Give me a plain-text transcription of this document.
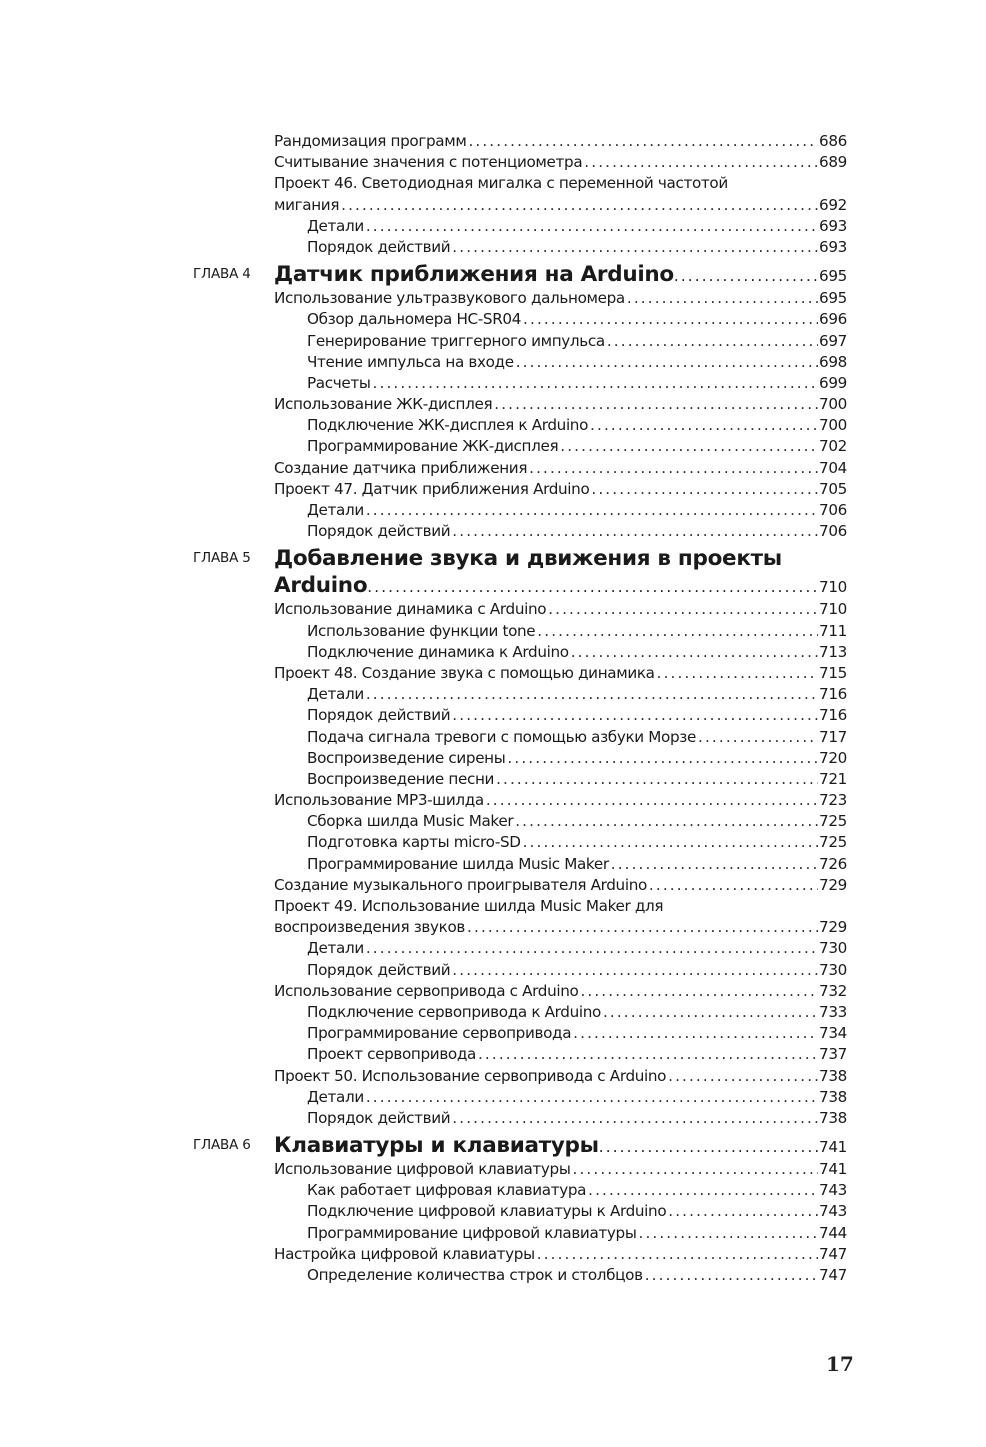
Рандомизация программ . . .	686
Считывание значения с потенциометра . . .	689
Проект 46. Светодиодная мигалка с переменной частотой
мигания . . .	692
Детали . . .	693
Порядок действий . . .	693
ГЛАВА 4 Датчик приближения на Arduino . . .	695
Использование ультразвукового дальномера . . .	695
Обзор дальномера HC-SR04 . . .	696
Генерирование триггерного импульса . . .	697
Чтение импульса на входе . . .	698
Расчеты . . .	699
Использование ЖК-дисплея . . .	700
Подключение ЖК-дисплея к Arduino . . .	700
Программирование ЖК-дисплея . . .	702
Создание датчика приближения . . .	704
Проект 47. Датчик приближения Arduino . . .	705
Детали . . .	706
Порядок действий . . .	706
ГЛАВА 5 Добавление звука и движения в проекты
Arduino . . .	710
Использование динамика с Arduino . . .	710
Использование функции tone . . .	711
Подключение динамика к Arduino . . .	713
Проект 48. Создание звука с помощью динамика . . .	715
Детали . . .	716
Порядок действий . . .	716
Подача сигнала тревоги с помощью азбуки Морзе . . .	717
Воспроизведение сирены . . .	720
Воспроизведение песни . . .	721
Использование MP3-шилда . . .	723
Сборка шилда Music Maker . . .	725
Подготовка карты micro-SD . . .	725
Программирование шилда Music Maker . . .	726
Создание музыкального проигрывателя Arduino . . .	729
Проект 49. Использование шилда Music Maker для
воспроизведения звуков . . .	729
Детали . . .	730
Порядок действий . . .	730
Использование сервопривода с Arduino . . .	732
Подключение сервопривода к Arduino . . .	733
Программирование сервопривода . . .	734
Проект сервопривода . . .	737
Проект 50. Использование сервопривода с Arduino . . .	738
Детали . . .	738
Порядок действий . . .	738
ГЛАВА 6 Клавиатуры и клавиатуры . . .	741
Использование цифровой клавиатуры . . .	741
Как работает цифровая клавиатура . . .	743
Подключение цифровой клавиатуры к Arduino . . .	743
Программирование цифровой клавиатуры . . .	744
Настройка цифровой клавиатуры . . .	747
Определение количества строк и столбцов . . .	747
17
